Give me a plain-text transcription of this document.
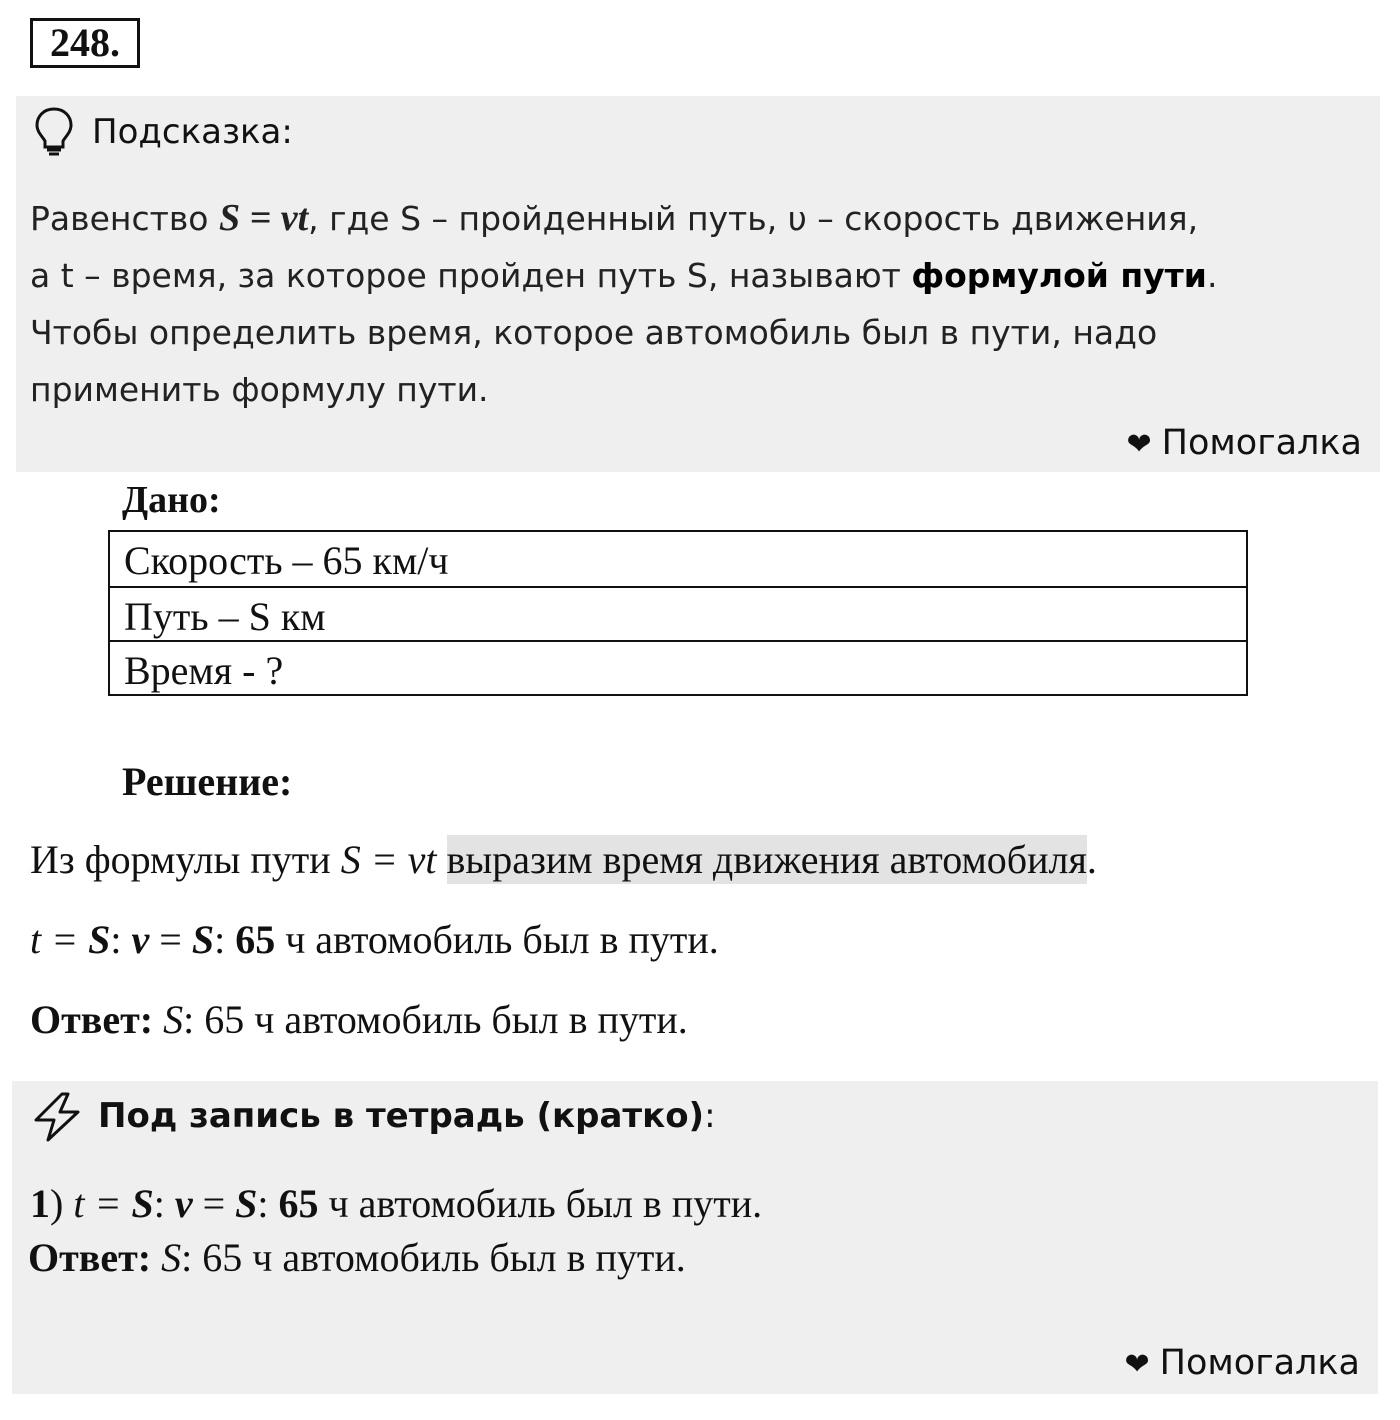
248.
Подсказка:
Равенство S = vt, где S – пройденный путь, υ – скорость движения,
а t – время, за которое пройден путь S, называют формулой пути.
Чтобы определить время, которое автомобиль был в пути, надо
применить формулу пути.
❤ Помогалка
Дано:
Скорость – 65 км/ч
Путь – S км
Время - ?
Решение:
Из формулы пути S = vt выразим время движения автомобиля.
t = S: v = S: 65 ч автомобиль был в пути.
Ответ: S: 65 ч автомобиль был в пути.
Под запись в тетрадь (кратко):
1) t = S: v = S: 65 ч автомобиль был в пути.
Ответ: S: 65 ч автомобиль был в пути.
❤ Помогалка
